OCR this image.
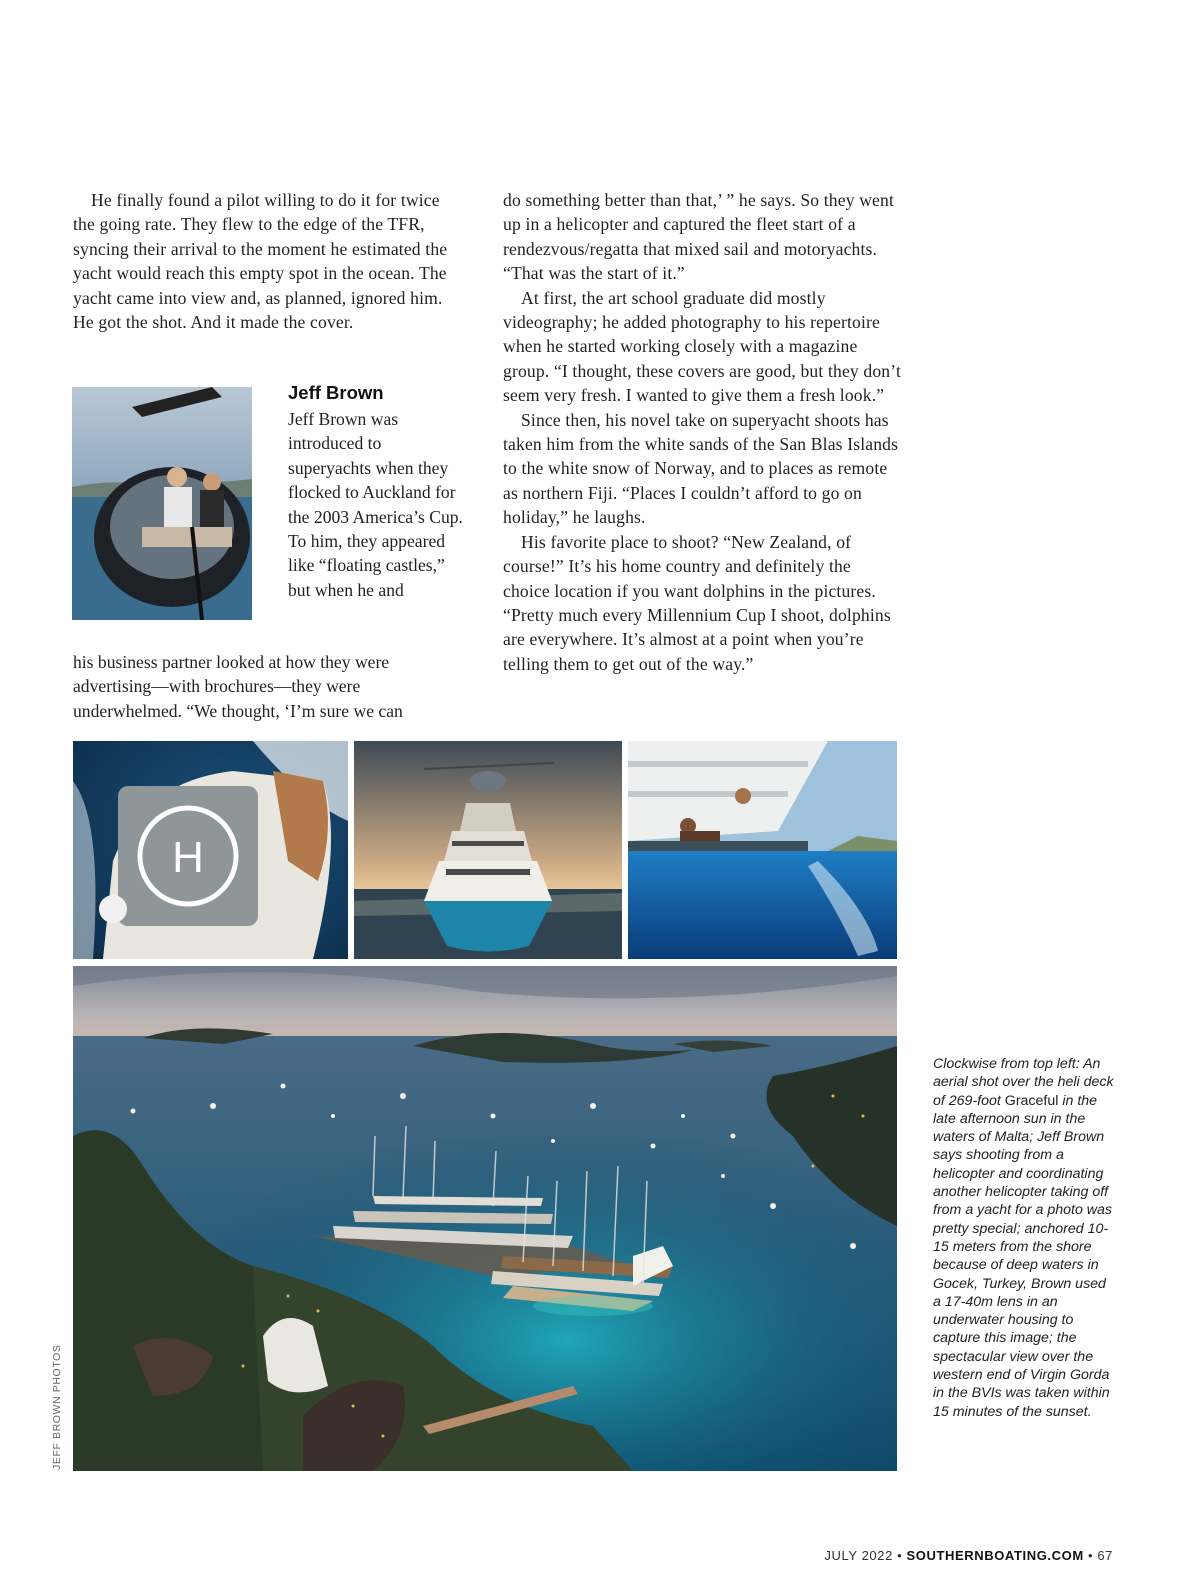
He finally found a pilot willing to do it for twice the going rate. They flew to the edge of the TFR, syncing their arrival to the moment he estimated the yacht would reach this empty spot in the ocean. The yacht came into view and, as planned, ignored him. He got the shot. And it made the cover.

Jeff Brown

Jeff Brown was introduced to superyachts when they flocked to Auckland for the 2003 America’s Cup. To him, they appeared like “floating castles,” but when he and

his business partner looked at how they were advertising—with brochures—they were underwhelmed. “We thought, ‘I’m sure we can

do something better than that,’ ” he says. So they went up in a helicopter and captured the fleet start of a rendezvous/regatta that mixed sail and motoryachts. “That was the start of it.”

At first, the art school graduate did mostly videography; he added photography to his repertoire when he started working closely with a magazine group. “I thought, these covers are good, but they don’t seem very fresh. I wanted to give them a fresh look.”

Since then, his novel take on superyacht shoots has taken him from the white sands of the San Blas Islands to the white snow of Norway, and to places as remote as northern Fiji. “Places I couldn’t afford to go on holiday,” he laughs.

His favorite place to shoot? “New Zealand, of course!” It’s his home country and definitely the choice location if you want dolphins in the pictures. “Pretty much every Millennium Cup I shoot, dolphins are everywhere. It’s almost at a point when you’re telling them to get out of the way.”

H
Clockwise from top left: An aerial shot over the heli deck of 269-foot Graceful in the late afternoon sun in the waters of Malta; Jeff Brown says shooting from a helicopter and coordinating another helicopter taking off from a yacht for a photo was pretty special; anchored 10-15 meters from the shore because of deep waters in Gocek, Turkey, Brown used a 17-40m lens in an underwater housing to capture this image; the spectacular view over the western end of Virgin Gorda in the BVIs was taken within 15 minutes of the sunset.
JEFF BROWN PHOTOS
JULY 2022 • SOUTHERNBOATING.COM • 67
